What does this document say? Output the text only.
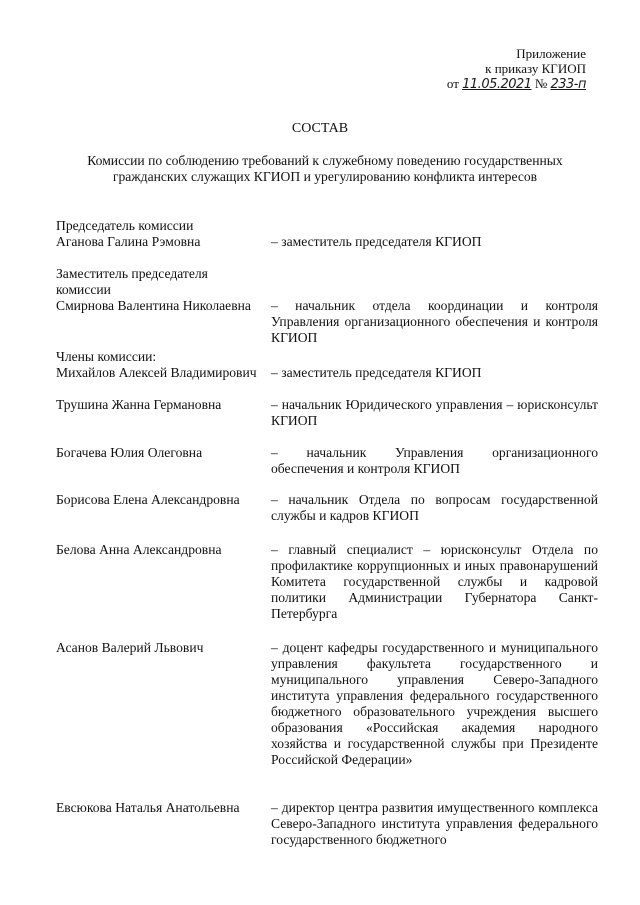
Приложение
к приказу КГИОП
от 11.05.2021 № 233-п
СОСТАВ
Комиссии по соблюдению требований к служебному поведению государственных гражданских служащих КГИОП и урегулированию конфликта интересов
Председатель комиссии
Аганова Галина Рэмовна	– заместитель председателя КГИОП
Заместитель председателя
комиссии
Смирнова Валентина Николаевна – начальник отдела координации и контроля Управления организационного обеспечения и контроля КГИОП
Члены комиссии:
Михайлов Алексей Владимирович – заместитель председателя КГИОП
Трушина Жанна Германовна	– начальник Юридического управления – юрисконсульт КГИОП
Богачева Юлия Олеговна	– начальник Управления организационного обеспечения и контроля КГИОП
Борисова Елена Александровна – начальник Отдела по вопросам государственной службы и кадров КГИОП
Белова Анна Александровна	– главный специалист – юрисконсульт Отдела по профилактике коррупционных и иных правонарушений Комитета государственной службы и кадровой политики Администрации Губернатора Санкт-Петербурга
Асанов Валерий Львович	– доцент кафедры государственного и муниципального управления факультета государственного и муниципального управления Северо-Западного института управления федерального государственного бюджетного образовательного учреждения высшего образования «Российская академия народного хозяйства и государственной службы при Президенте Российской Федерации»
Евсюкова Наталья Анатольевна – директор центра развития имущественного комплекса Северо-Западного института управления федерального государственного бюджетного
